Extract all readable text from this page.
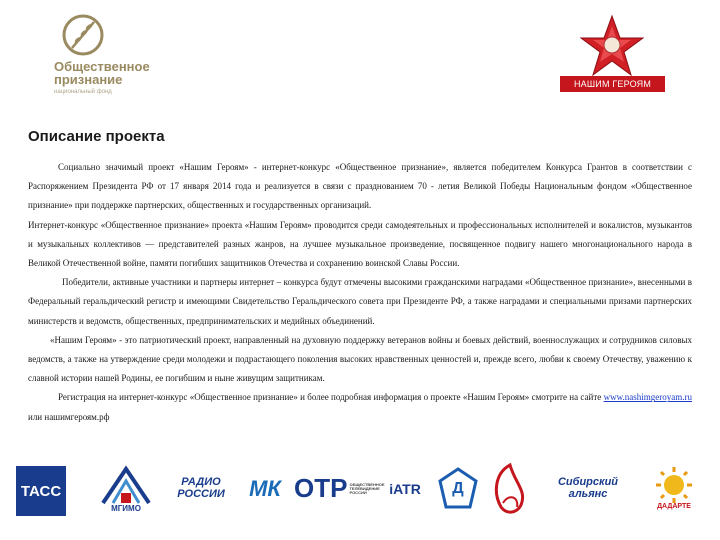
Общественное признание
национальный фонд
НАШИМ ГЕРОЯМ
Описание проекта

Социально значимый проект «Нашим Героям» - интернет-конкурс «Общественное признание», является победителем Конкурса Грантов в соответствии с Распоряжением Президента РФ от 17 января 2014 года и реализуется в связи с празднованием 70 - летия Великой Победы Национальным фондом «Общественное признание» при поддержке партнерских, общественных и государственных организаций.

Интернет-конкурс «Общественное признание» проекта «Нашим Героям» проводится среди самодеятельных и профессиональных исполнителей и вокалистов, музыкантов и музыкальных коллективов — представителей разных жанров, на лучшее музыкальное произведение, посвященное подвигу нашего многонационального народа в Великой Отечественной войне, памяти погибших защитников Отечества и сохранению воинской Славы России.

Победители, активные участники и партнеры интернет – конкурса будут отмечены высокими гражданскими наградами «Общественное признание», внесенными в Федеральный геральдический регистр и имеющими Свидетельство Геральдического совета при Президенте РФ, а также наградами и специальными призами партнерских министерств и ведомств, общественных, предпринимательских и медийных объединений.

«Нашим Героям» - это патриотический проект, направленный на духовную поддержку ветеранов войны и боевых действий, военнослужащих и сотрудников силовых ведомств, а также на утверждение среди молодежи и подрастающего поколения высоких нравственных ценностей и, прежде всего, любви к своему Отечеству, уважению к славной истории нашей Родины, ее погибшим и ныне живущим защитникам.

Регистрация на интернет-конкурс «Общественное признание» и более подробная информация о проекте «Нашим Героям» смотрите на сайте www.nashimgeroyam.ru или нашимгероям.рф

ТАСС
МГИМО
РАДИО РОССИИ МК ОТР ОБЩЕСТВЕННОЕ ТЕЛЕВИДЕНИЕ РОССИИ	iATR Д	Сибирский альянс
ДАДАРТЕ
